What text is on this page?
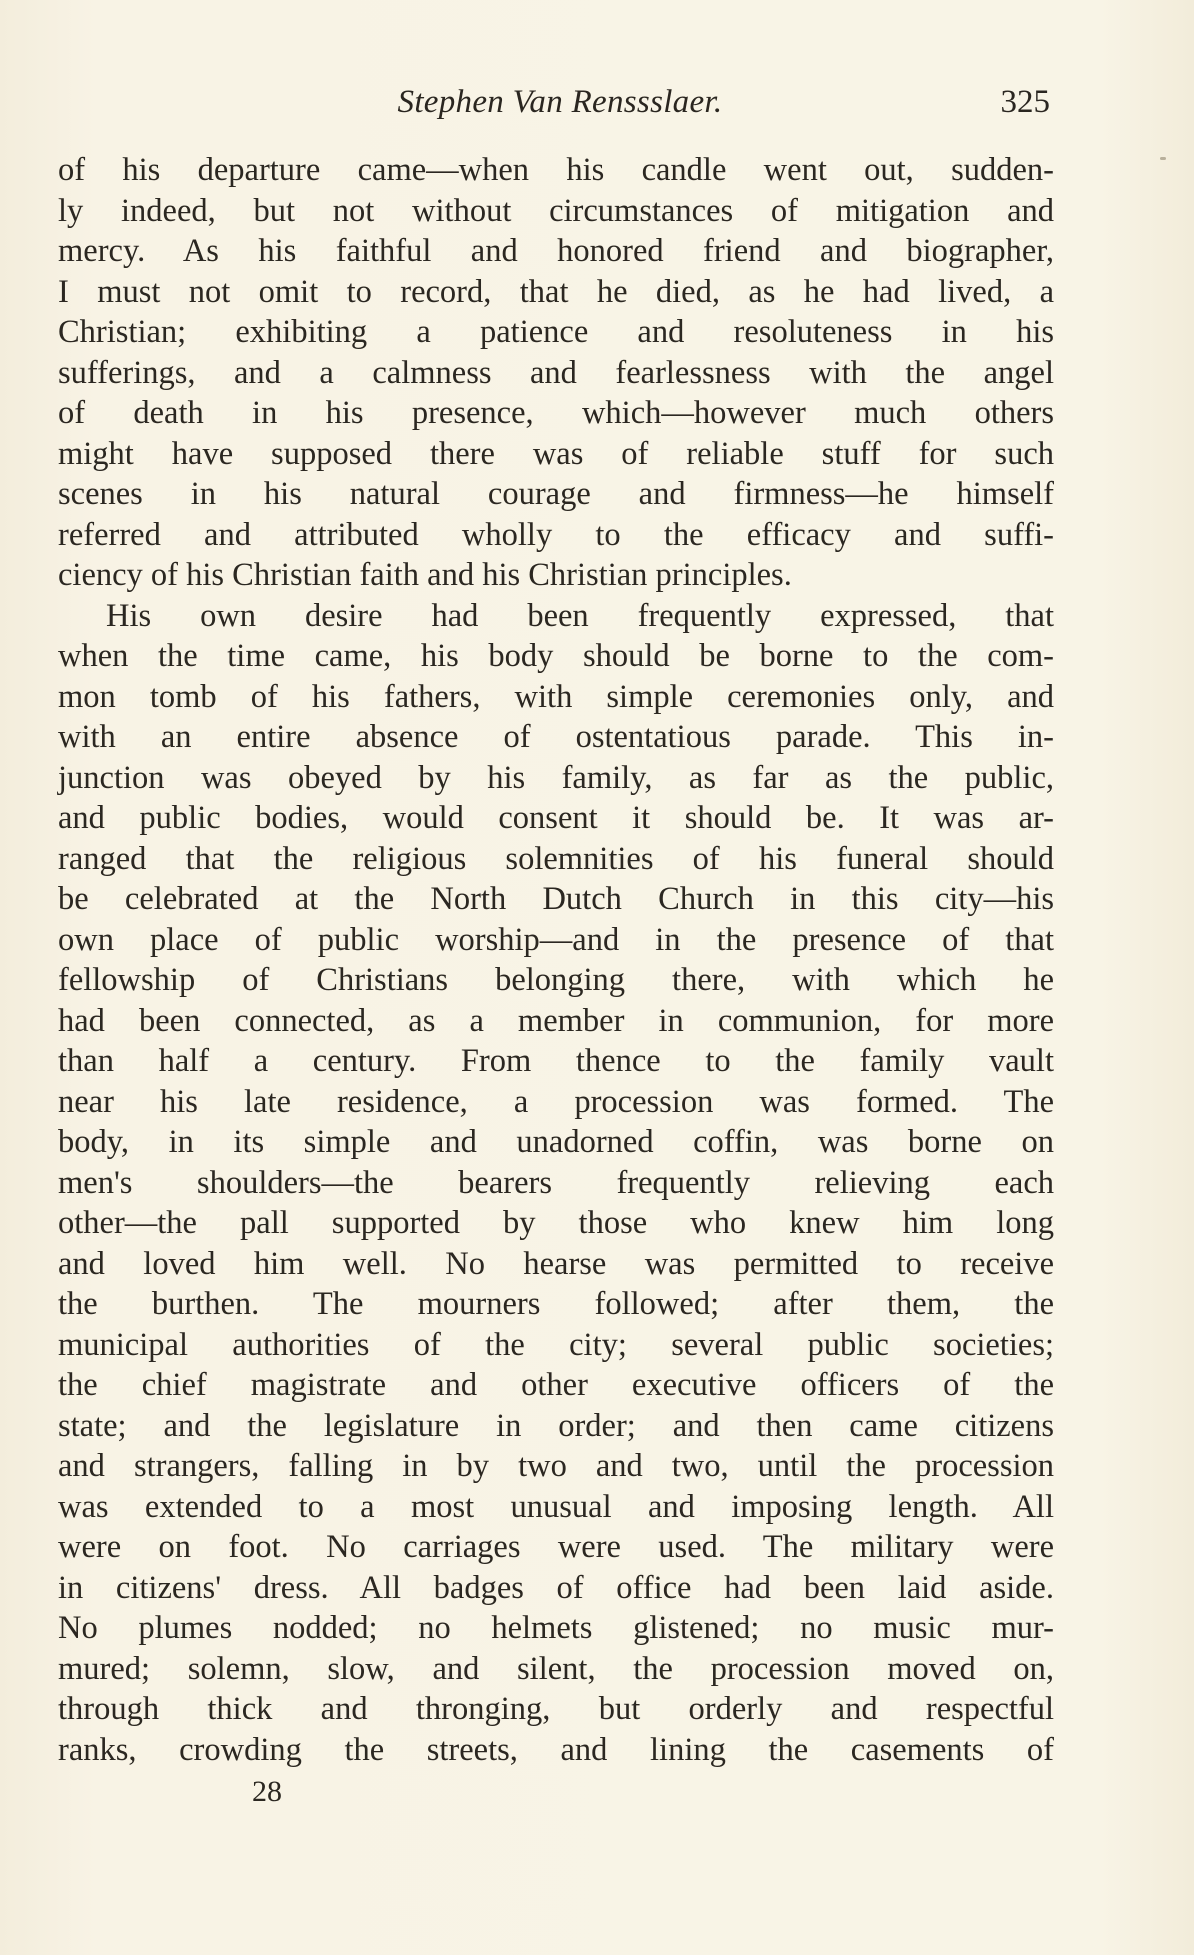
Stephen Van Renssslaer.	325
of his departure came—when his candle went out, sudden-
ly indeed, but not without circumstances of mitigation and
mercy. As his faithful and honored friend and biographer,
I must not omit to record, that he died, as he had lived, a
Christian; exhibiting a patience and resoluteness in his
sufferings, and a calmness and fearlessness with the angel
of death in his presence, which—however much others
might have supposed there was of reliable stuff for such
scenes in his natural courage and firmness—he himself
referred and attributed wholly to the efficacy and suffi-
ciency of his Christian faith and his Christian principles.
His own desire had been frequently expressed, that
when the time came, his body should be borne to the com-
mon tomb of his fathers, with simple ceremonies only, and
with an entire absence of ostentatious parade. This in-
junction was obeyed by his family, as far as the public,
and public bodies, would consent it should be. It was ar-
ranged that the religious solemnities of his funeral should
be celebrated at the North Dutch Church in this city—his
own place of public worship—and in the presence of that
fellowship of Christians belonging there, with which he
had been connected, as a member in communion, for more
than half a century. From thence to the family vault
near his late residence, a procession was formed. The
body, in its simple and unadorned coffin, was borne on
men's shoulders—the bearers frequently relieving each
other—the pall supported by those who knew him long
and loved him well. No hearse was permitted to receive
the burthen. The mourners followed; after them, the
municipal authorities of the city; several public societies;
the chief magistrate and other executive officers of the
state; and the legislature in order; and then came citizens
and strangers, falling in by two and two, until the procession
was extended to a most unusual and imposing length. All
were on foot. No carriages were used. The military were
in citizens' dress. All badges of office had been laid aside.
No plumes nodded; no helmets glistened; no music mur-
mured; solemn, slow, and silent, the procession moved on,
through thick and thronging, but orderly and respectful
ranks, crowding the streets, and lining the casements of
28
